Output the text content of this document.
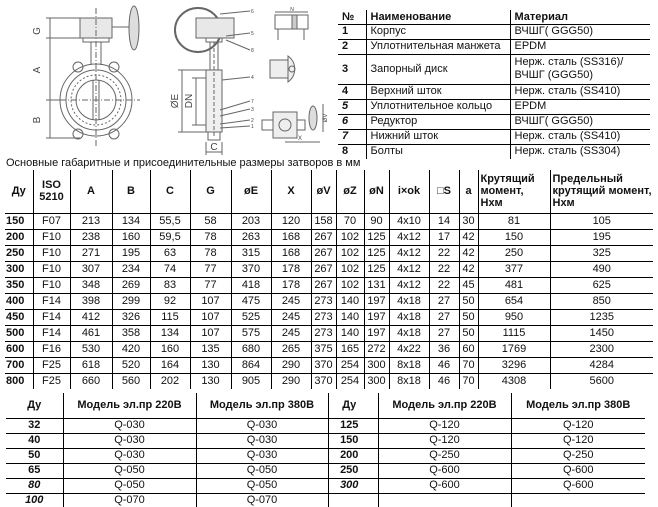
G
A
B
ØE DN
C
X
ØV
N
6
5
8
4
7
3
2
1
№	Наименование	Материал
1	Корпус	ВЧШГ( GGG50)
2	Уплотнительная манжета	EPDM
3	Запорный диск	Нерж. сталь (SS316)/ ВЧШГ (GGG50)
4	Верхний шток	Нерж. сталь (SS410)
5	Уплотнительное кольцо	EPDM
6	Редуктор	ВЧШГ( GGG50)
7	Нижний шток	Нерж. сталь (SS410)
8	Болты	Нерж. сталь (SS304)
Основные габаритные и присоединительные размеры затворов в мм
Ду	ISO 5210	A	B	C	G	øE	X	øV	øZ	øN	i×ok	□S	a	Крутящий момент, Нхм	Предельный крутящий момент, Нхм
150	F07	213	134	55,5	58	203	120	158	70	90	4x10	14	30	81	105
200	F10	238	160	59,5	78	263	168	267	102	125	4x12	17	42	150	195
250	F10	271	195	63	78	315	168	267	102	125	4x12	22	42	250	325
300	F10	307	234	74	77	370	178	267	102	125	4x12	22	42	377	490
350	F10	348	269	83	77	418	178	267	102	131	4x12	22	45	481	625
400	F14	398	299	92	107	475	245	273	140	197	4x18	27	50	654	850
450	F14	412	326	115	107	525	245	273	140	197	4x18	27	50	950	1235
500	F14	461	358	134	107	575	245	273	140	197	4x18	27	50	1115	1450
600	F16	530	420	160	135	680	265	375	165	272	4x22	36	60	1769	2300
700	F25	618	520	164	130	864	290	370	254	300	8x18	46	70	3296	4284
800	F25	660	560	202	130	905	290	370	254	300	8x18	46	70	4308	5600
Ду	Модель эл.пр 220В	Модель эл.пр 380В
32	Q-030	Q-030
40	Q-030	Q-030
50	Q-030	Q-030
65	Q-050	Q-050
80	Q-050	Q-050
100	Q-070	Q-070
Ду	Модель эл.пр 220В	Модель эл.пр 380В
125	Q-120	Q-120
150	Q-120	Q-120
200	Q-250	Q-250
250	Q-600	Q-600
300	Q-600	Q-600
